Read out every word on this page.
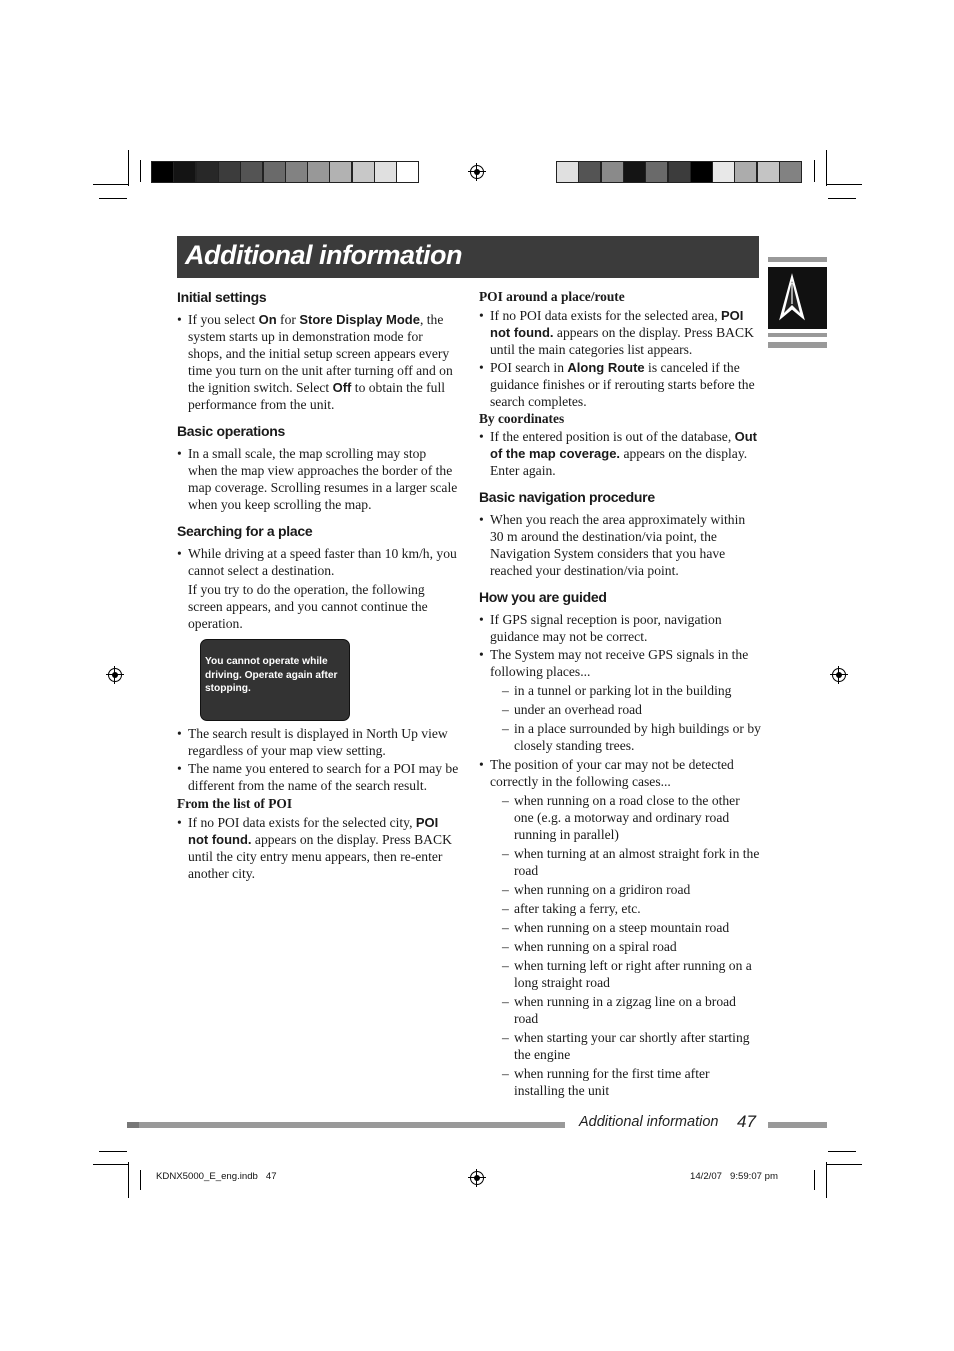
Additional information

Initial settings

• If you select On for Store Display Mode, the system starts up in demonstration mode for shops, and the initial setup screen appears every time you turn on the unit after turning off and on the ignition switch. Select Off to obtain the full performance from the unit.

Basic operations

• In a small scale, the map scrolling may stop when the map view approaches the border of the map coverage. Scrolling resumes in a larger scale when you keep scrolling the map.

Searching for a place

• While driving at a speed faster than 10 km/h, you cannot select a destination.
If you try to do the operation, the following screen appears, and you cannot continue the operation.
You cannot operate while driving. Operate again after stopping.
• The search result is displayed in North Up view regardless of your map view setting.
• The name you entered to search for a POI may be different from the name of the search result.

From the list of POI

• If no POI data exists for the selected city, POI not found. appears on the display. Press BACK until the city entry menu appears, then re-enter another city.

POI around a place/route

• If no POI data exists for the selected area, POI not found. appears on the display. Press BACK until the main categories list appears.
• POI search in Along Route is canceled if the guidance finishes or if rerouting starts before the search completes.

By coordinates

• If the entered position is out of the database, Out of the map coverage. appears on the display. Enter again.

Basic navigation procedure

• When you reach the area approximately within 30 m around the destination/via point, the Navigation System considers that you have reached your destination/via point.

How you are guided

• If GPS signal reception is poor, navigation guidance may not be correct.
• The System may not receive GPS signals in the following places...
– in a tunnel or parking lot in the building
– under an overhead road
– in a place surrounded by high buildings or by closely standing trees.
• The position of your car may not be detected correctly in the following cases...
– when running on a road close to the other one (e.g. a motorway and ordinary road running in parallel)
– when turning at an almost straight fork in the road
– when running on a gridiron road
– after taking a ferry, etc.
– when running on a steep mountain road
– when running on a spiral road
– when turning left or right after running on a long straight road
– when running in a zigzag line on a broad road
– when starting your car shortly after starting the engine
– when running for the first time after installing the unit
Additional information 47
KDNX5000_E_eng.indb   47	14/2/07   9:59:07 pm
